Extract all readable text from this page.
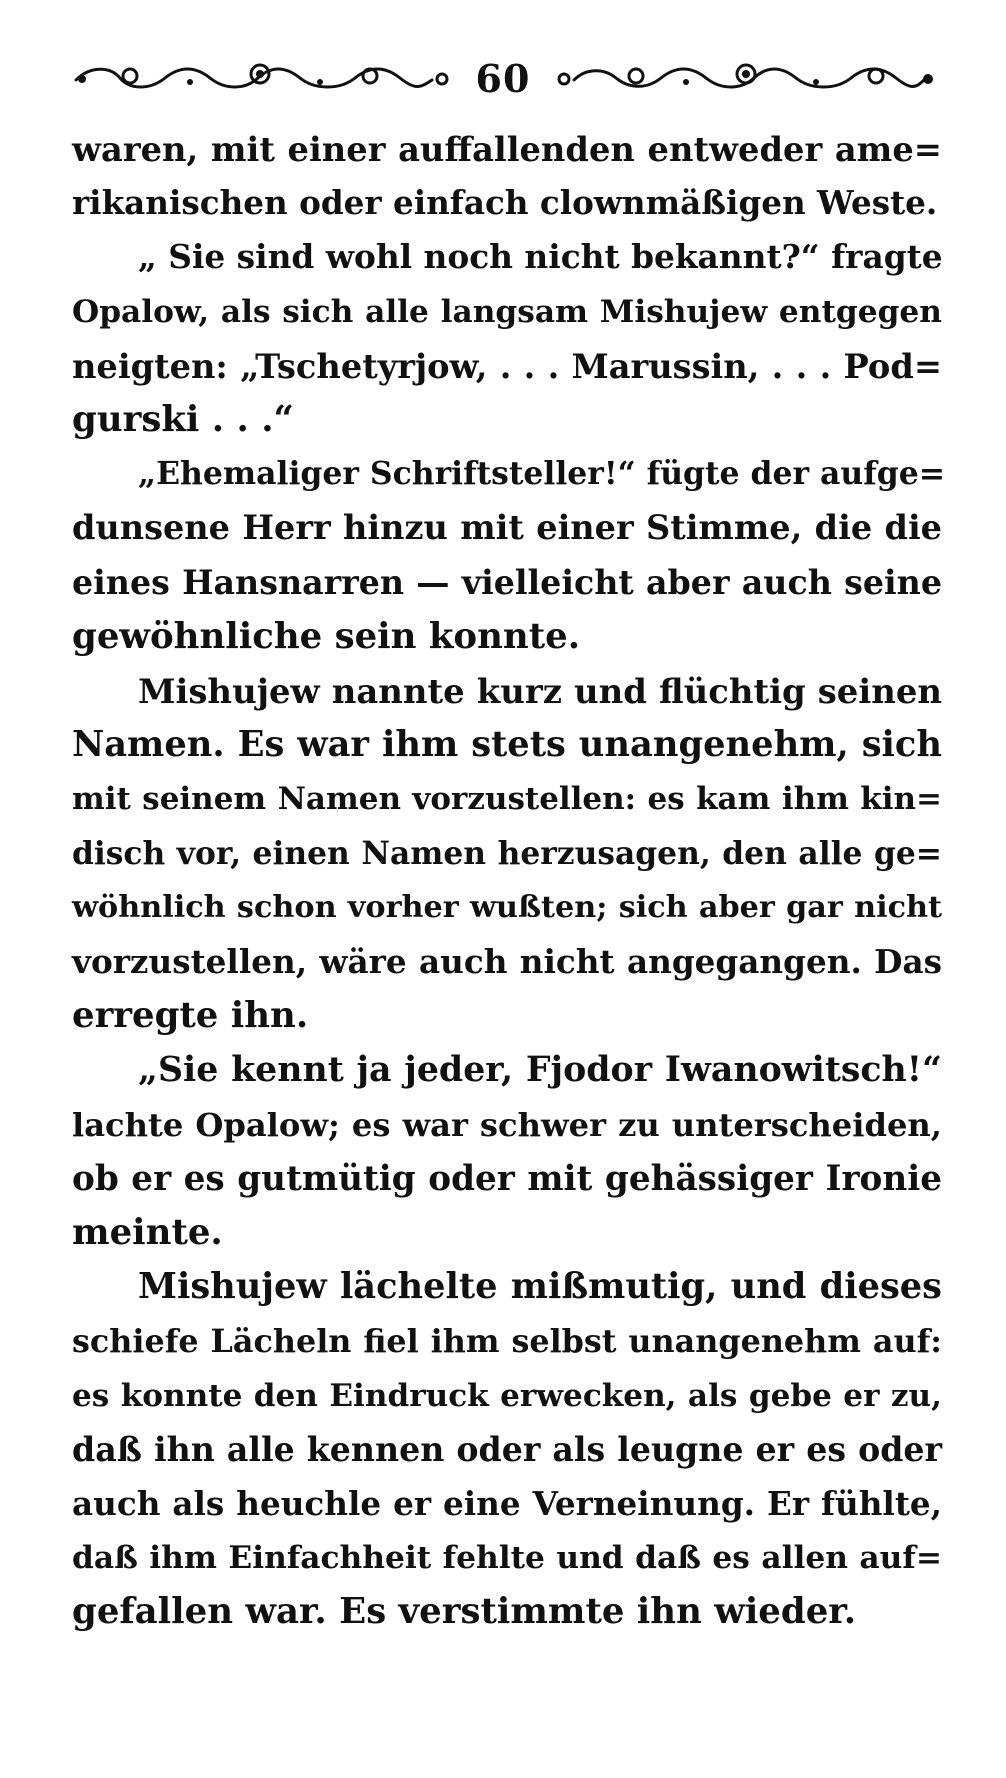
60
waren, mit einer auffallenden entweder ame=
rikanischen oder einfach clownmäßigen Weste.
„ Sie sind wohl noch nicht bekannt?“ fragte
Opalow, als sich alle langsam Mishujew entgegen
neigten: „Tschetyrjow, . . . Marussin, . . . Pod=
gurski . . .“
„Ehemaliger Schriftsteller!“ fügte der aufge=
dunsene Herr hinzu mit einer Stimme, die die
eines Hansnarren — vielleicht aber auch seine
gewöhnliche sein konnte.
Mishujew nannte kurz und flüchtig seinen
Namen. Es war ihm stets unangenehm, sich
mit seinem Namen vorzustellen: es kam ihm kin=
disch vor, einen Namen herzusagen, den alle ge=
wöhnlich schon vorher wußten; sich aber gar nicht
vorzustellen, wäre auch nicht angegangen. Das
erregte ihn.
„Sie kennt ja jeder, Fjodor Iwanowitsch!“
lachte Opalow; es war schwer zu unterscheiden,
ob er es gutmütig oder mit gehässiger Ironie
meinte.
Mishujew lächelte mißmutig, und dieses
schiefe Lächeln fiel ihm selbst unangenehm auf:
es konnte den Eindruck erwecken, als gebe er zu,
daß ihn alle kennen oder als leugne er es oder
auch als heuchle er eine Verneinung. Er fühlte,
daß ihm Einfachheit fehlte und daß es allen auf=
gefallen war. Es verstimmte ihn wieder.
